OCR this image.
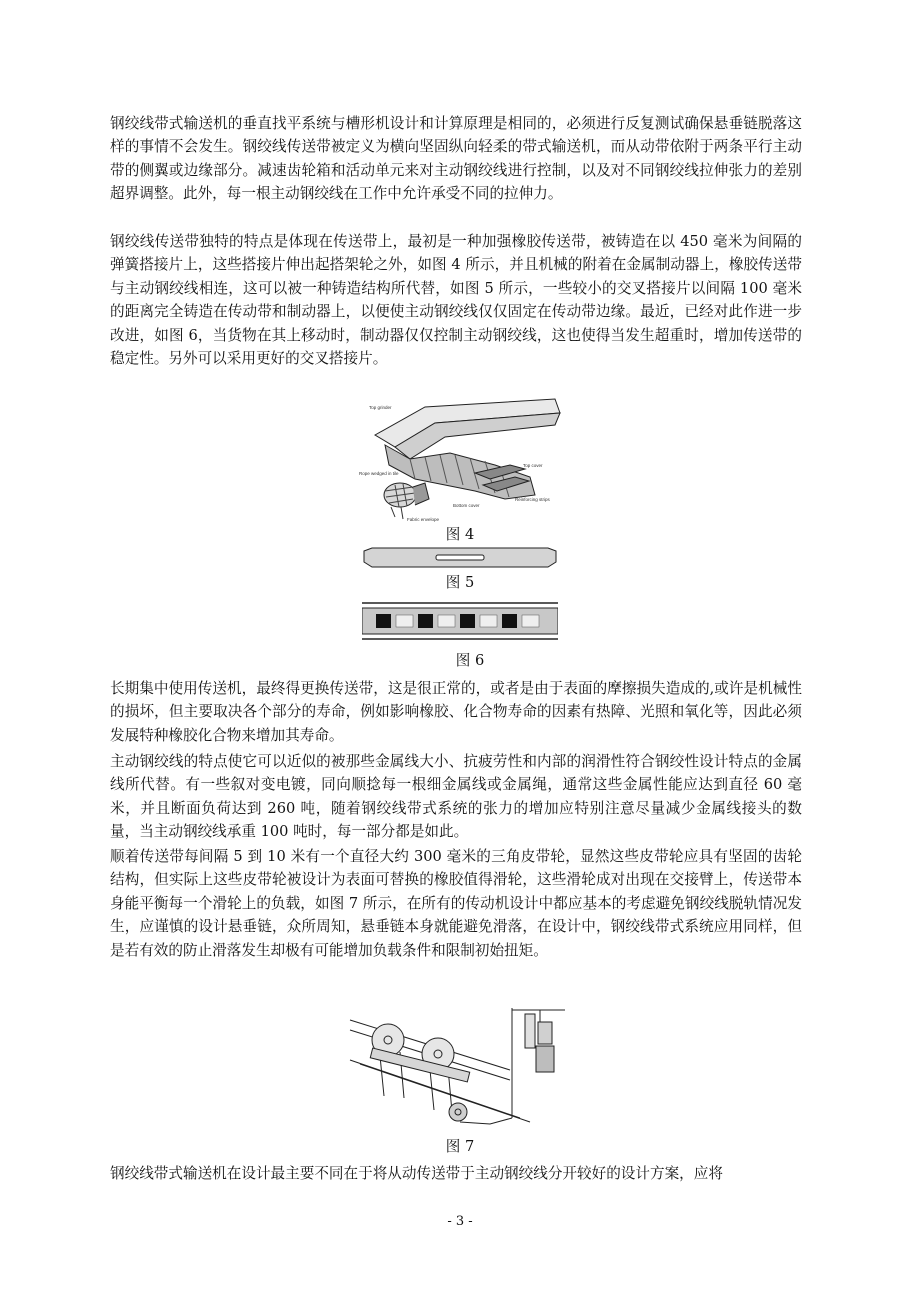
钢绞线带式输送机的垂直找平系统与槽形机设计和计算原理是相同的，必须进行反复测试确保悬垂链脱落这样的事情不会发生。钢绞线传送带被定义为横向坚固纵向轻柔的带式输送机，而从动带依附于两条平行主动带的侧翼或边缘部分。减速齿轮箱和活动单元来对主动钢绞线进行控制，以及对不同钢绞线拉伸张力的差别超界调整。此外，每一根主动钢绞线在工作中允许承受不同的拉伸力。

钢绞线传送带独特的特点是体现在传送带上，最初是一种加强橡胶传送带，被铸造在以 450 毫米为间隔的弹簧搭接片上，这些搭接片伸出起搭架轮之外，如图 4 所示，并且机械的附着在金属制动器上，橡胶传送带与主动钢绞线相连，这可以被一种铸造结构所代替，如图 5 所示，一些较小的交叉搭接片以间隔 100 毫米的距离完全铸造在传动带和制动器上，以便使主动钢绞线仅仅固定在传动带边缘。最近，已经对此作进一步改进，如图 6，当货物在其上移动时，制动器仅仅控制主动钢绞线，这也使得当发生超重时，增加传送带的稳定性。另外可以采用更好的交叉搭接片。

Top grinder
Rope wedged in tile
Top cover
Reinforcing strips
Bottom cover
Fabric envelope
图 4
图 5
图 6

长期集中使用传送机，最终得更换传送带，这是很正常的，或者是由于表面的摩擦损失造成的,或许是机械性的损坏，但主要取决各个部分的寿命，例如影响橡胶、化合物寿命的因素有热障、光照和氧化等，因此必须发展特种橡胶化合物来增加其寿命。

主动钢绞线的特点使它可以近似的被那些金属线大小、抗疲劳性和内部的润滑性符合钢绞性设计特点的金属线所代替。有一些叙对变电镀，同向顺捻每一根细金属线或金属绳，通常这些金属性能应达到直径 60 毫米，并且断面负荷达到 260 吨，随着钢绞线带式系统的张力的增加应特别注意尽量减少金属线接头的数量，当主动钢绞线承重 100 吨时，每一部分都是如此。

顺着传送带每间隔 5 到 10 米有一个直径大约 300 毫米的三角皮带轮，显然这些皮带轮应具有坚固的齿轮结构，但实际上这些皮带轮被设计为表面可替换的橡胶值得滑轮，这些滑轮成对出现在交接臂上，传送带本身能平衡每一个滑轮上的负载，如图 7 所示，在所有的传动机设计中都应基本的考虑避免钢绞线脱轨情况发生，应谨慎的设计悬垂链，众所周知，悬垂链本身就能避免滑落，在设计中，钢绞线带式系统应用同样，但是若有效的防止滑落发生却极有可能增加负载条件和限制初始扭矩。

图 7

钢绞线带式输送机在设计最主要不同在于将从动传送带于主动钢绞线分开较好的设计方案，应将

- 3 -
